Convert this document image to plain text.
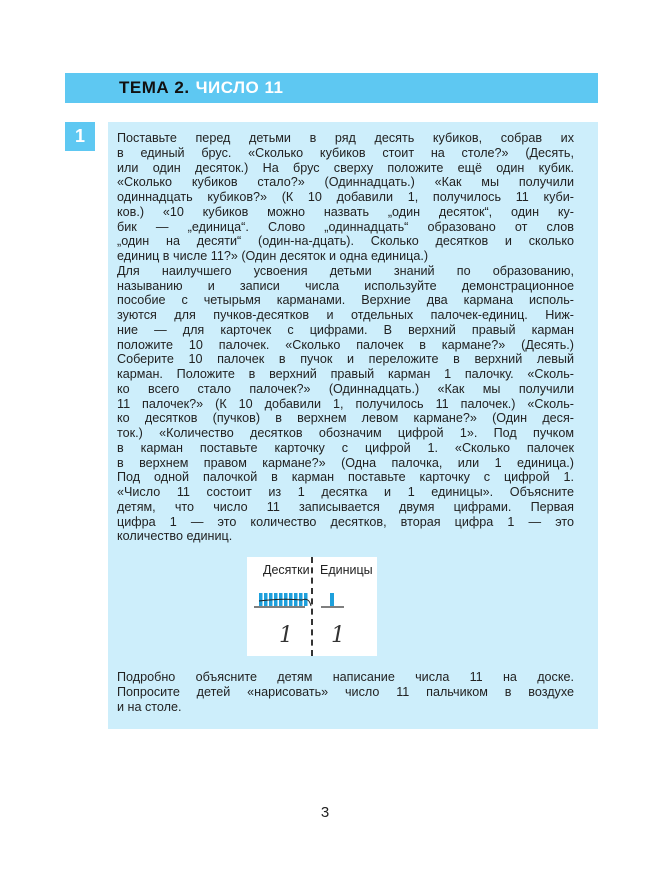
ТЕМА 2. ЧИСЛО 11
1	Поставьте перед детьми в ряд десять кубиков, собрав их
в единый брус. «Сколько кубиков стоит на столе?» (Десять,
или один десяток.) На брус сверху положите ещё один кубик.
«Сколько кубиков стало?» (Одиннадцать.) «Как мы получили
одиннадцать кубиков?» (К 10 добавили 1, получилось 11 куби-
ков.) «10 кубиков можно назвать „один десяток“, один ку-
бик — „единица“. Слово „одиннадцать“ образовано от слов
„один на десяти“ (один-на-дцать). Сколько десятков и сколько
единиц в числе 11?» (Один десяток и одна единица.)
Для наилучшего усвоения детьми знаний по образованию,
называнию и записи числа используйте демонстрационное
пособие с четырьмя карманами. Верхние два кармана исполь-
зуются для пучков-десятков и отдельных палочек-единиц. Ниж-
ние — для карточек с цифрами. В верхний правый карман
положите 10 палочек. «Сколько палочек в кармане?» (Десять.)
Соберите 10 палочек в пучок и переложите в верхний левый
карман. Положите в верхний правый карман 1 палочку. «Сколь-
ко всего стало палочек?» (Одиннадцать.) «Как мы получили
11 палочек?» (К 10 добавили 1, получилось 11 палочек.) «Сколь-
ко десятков (пучков) в верхнем левом кармане?» (Один деся-
ток.) «Количество десятков обозначим цифрой 1». Под пучком
в карман поставьте карточку с цифрой 1. «Сколько палочек
в верхнем правом кармане?» (Одна палочка, или 1 единица.)
Под одной палочкой в карман поставьте карточку с цифрой 1.
«Число 11 состоит из 1 десятка и 1 единицы». Объясните
детям, что число 11 записывается двумя цифрами. Первая
цифра 1 — это количество десятков, вторая цифра 1 — это
количество единиц.
Десятки Единицы
1 1
Подробно объясните детям написание числа 11 на доске.
Попросите детей «нарисовать» число 11 пальчиком в воздухе
и на столе.
3
